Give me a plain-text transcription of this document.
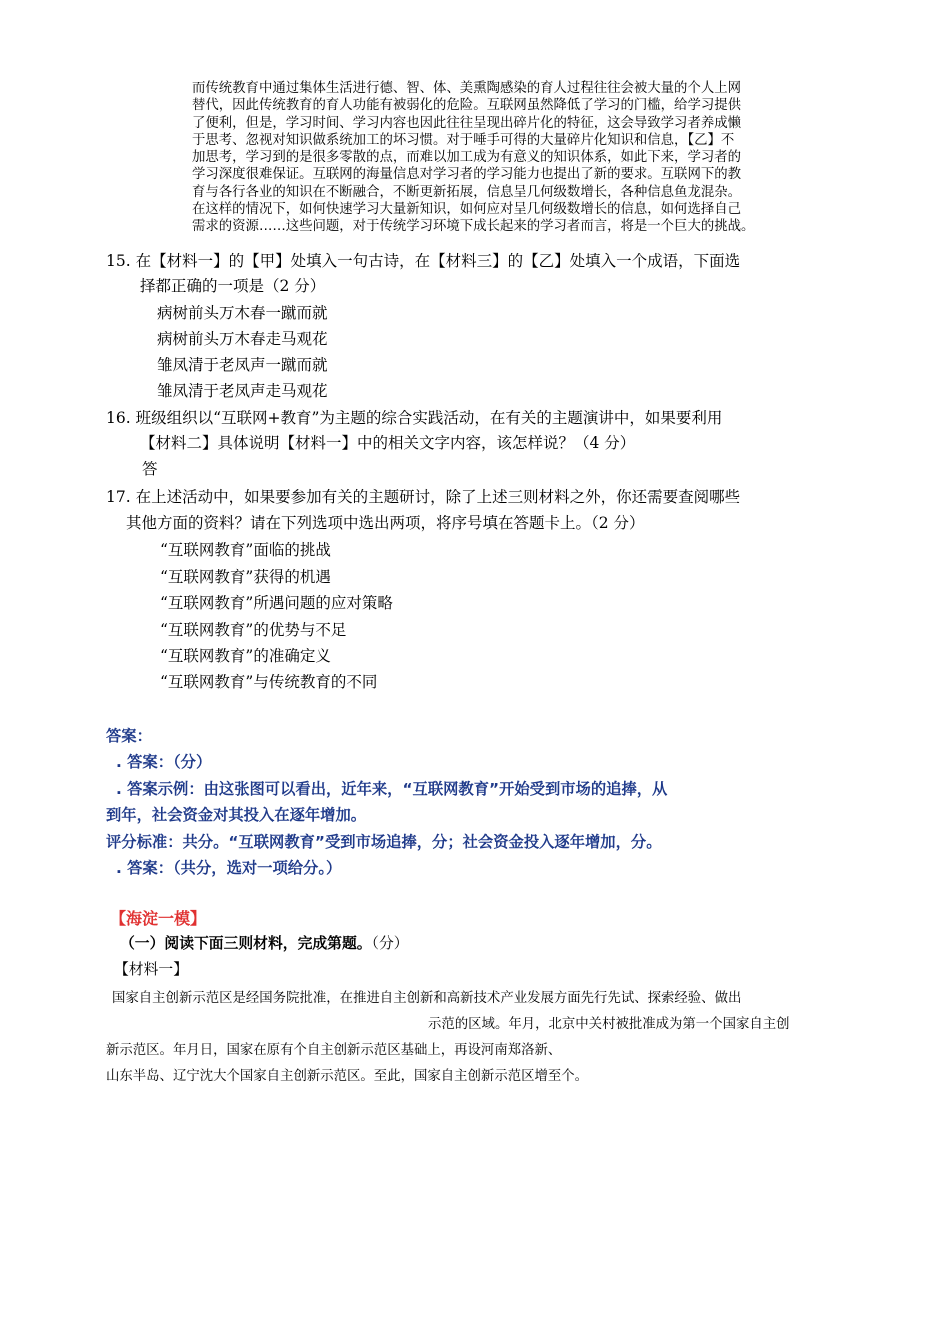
而传统教育中通过集体生活进行德、智、体、美熏陶感染的育人过程往往会被大量的个人上网
替代，因此传统教育的育人功能有被弱化的危险。互联网虽然降低了学习的门槛，给学习提供
了便利，但是，学习时间、学习内容也因此往往呈现出碎片化的特征，这会导致学习者养成懒
于思考、忽视对知识做系统加工的坏习惯。对于唾手可得的大量碎片化知识和信息，【乙】不
加思考，学习到的是很多零散的点，而难以加工成为有意义的知识体系，如此下来，学习者的
学习深度很难保证。互联网的海量信息对学习者的学习能力也提出了新的要求。互联网下的教
育与各行各业的知识在不断融合，不断更新拓展，信息呈几何级数增长，各种信息鱼龙混杂。
在这样的情况下，如何快速学习大量新知识，如何应对呈几何级数增长的信息，如何选择自己
需求的资源……这些问题，对于传统学习环境下成长起来的学习者而言，将是一个巨大的挑战。
15. 在【材料一】的【甲】处填入一句古诗，在【材料三】的【乙】处填入一个成语，下面选
择都正确的一项是（2 分）
病树前头万木春一蹴而就
病树前头万木春走马观花
雏凤清于老凤声一蹴而就
雏凤清于老凤声走马观花
16. 班级组织以“互联网+教育”为主题的综合实践活动，在有关的主题演讲中，如果要利用
【材料二】具体说明【材料一】中的相关文字内容，该怎样说？（4 分）
答
17. 在上述活动中，如果要参加有关的主题研讨，除了上述三则材料之外，你还需要查阅哪些
其他方面的资料？请在下列选项中选出两项，将序号填在答题卡上。（2 分）
“互联网教育”面临的挑战
“互联网教育”获得的机遇
“互联网教育”所遇问题的应对策略
“互联网教育”的优势与不足
“互联网教育”的准确定义
“互联网教育”与传统教育的不同
答案：
. 答案：（分）
. 答案示例：由这张图可以看出，近年来，“互联网教育”开始受到市场的追捧，从
到年，社会资金对其投入在逐年增加。
评分标准：共分。“互联网教育”受到市场追捧，分；社会资金投入逐年增加，分。
. 答案：（共分，选对一项给分。）
【海淀一模】
（一）阅读下面三则材料，完成第题。（分）
【材料一】
国家自主创新示范区是经国务院批准，在推进自主创新和高新技术产业发展方面先行先试、探索经验、做出
示范的区域。年月，北京中关村被批准成为第一个国家自主创
新示范区。年月日，国家在原有个自主创新示范区基础上，再设河南郑洛新、
山东半岛、辽宁沈大个国家自主创新示范区。至此，国家自主创新示范区增至个。
